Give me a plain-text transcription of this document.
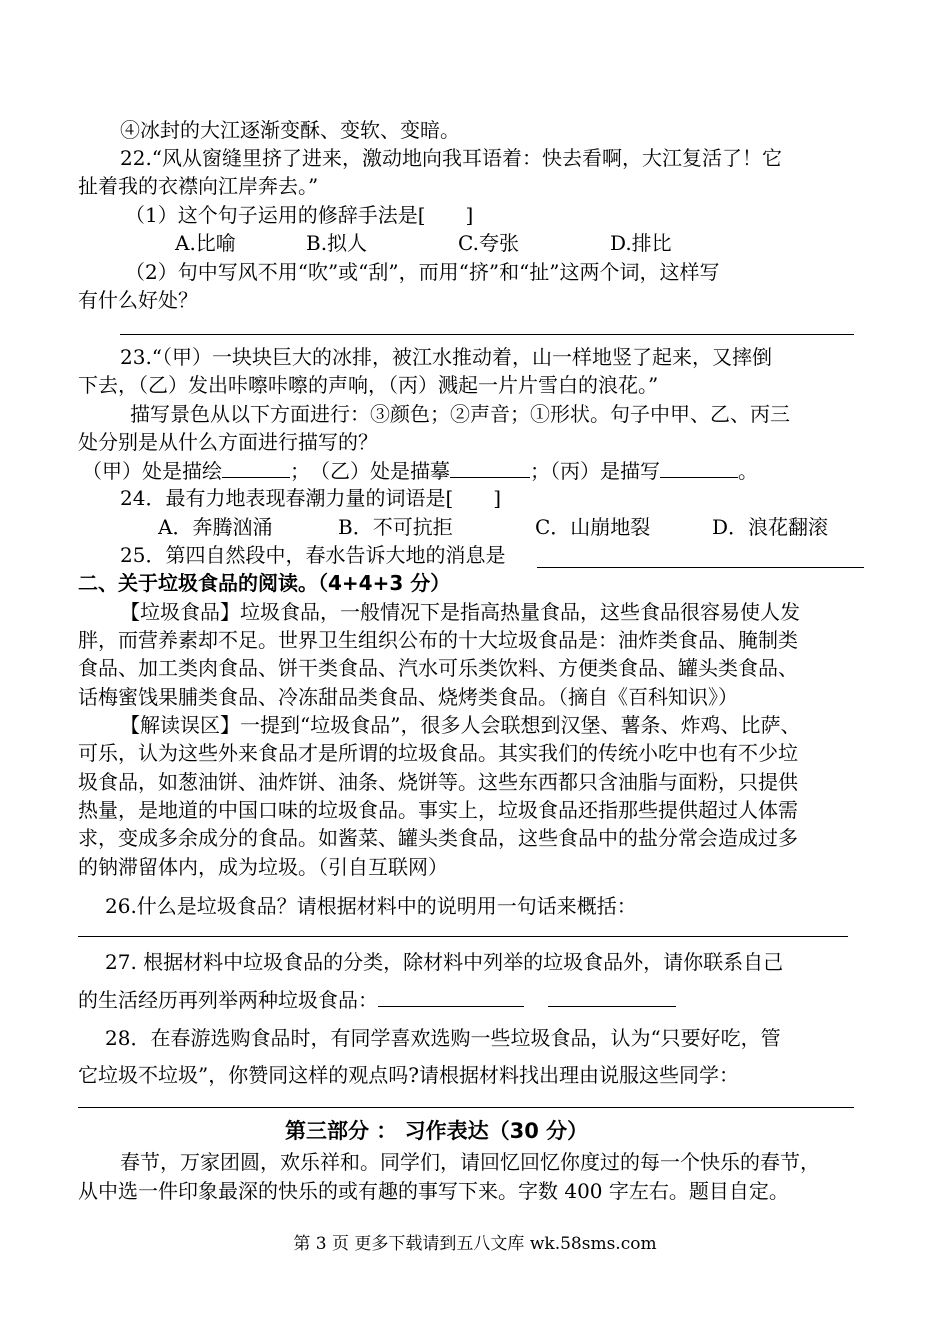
④冰封的大江逐渐变酥、变软、变暗。
22.“风从窗缝里挤了进来，激动地向我耳语着：快去看啊，大江复活了！它
扯着我的衣襟向江岸奔去。”
（1）这个句子运用的修辞手法是[　　]
A.比喻	B.拟人	C.夸张	D.排比
（2）句中写风不用“吹”或“刮”，而用“挤”和“扯”这两个词，这样写
有什么好处？
23.“（甲）一块块巨大的冰排，被江水推动着，山一样地竖了起来，又摔倒
下去，（乙）发出咔嚓咔嚓的声响，（丙）溅起一片片雪白的浪花。”
描写景色从以下方面进行：③颜色；②声音；①形状。句子中甲、乙、丙三
处分别是从什么方面进行描写的？
（甲）处是描绘	；　（乙）处是描摹	；（丙）是描写	。
24．最有力地表现春潮力量的词语是[　　]
A．奔腾汹涌	B．不可抗拒	C．山崩地裂	D．浪花翻滚
25．第四自然段中，春水告诉大地的消息是
二、关于垃圾食品的阅读。（4+4+3 分）
【垃圾食品】垃圾食品，一般情况下是指高热量食品，这些食品很容易使人发
胖，而营养素却不足。世界卫生组织公布的十大垃圾食品是：油炸类食品、腌制类
食品、加工类肉食品、饼干类食品、汽水可乐类饮料、方便类食品、罐头类食品、
话梅蜜饯果脯类食品、冷冻甜品类食品、烧烤类食品。（摘自《百科知识》）
【解读误区】一提到“垃圾食品”，很多人会联想到汉堡、薯条、炸鸡、比萨、
可乐，认为这些外来食品才是所谓的垃圾食品。其实我们的传统小吃中也有不少垃
圾食品，如葱油饼、油炸饼、油条、烧饼等。这些东西都只含油脂与面粉，只提供
热量，是地道的中国口味的垃圾食品。事实上，垃圾食品还指那些提供超过人体需
求，变成多余成分的食品。如酱菜、罐头类食品，这些食品中的盐分常会造成过多
的钠滞留体内，成为垃圾。（引自互联网）
26.什么是垃圾食品？请根据材料中的说明用一句话来概括：
27. 根据材料中垃圾食品的分类，除材料中列举的垃圾食品外，请你联系自己
的生活经历再列举两种垃圾食品：
28．在春游选购食品时，有同学喜欢选购一些垃圾食品，认为“只要好吃，管
它垃圾不垃圾”，你赞同这样的观点吗?请根据材料找出理由说服这些同学：
第三部分 ： 习作表达（30 分）
春节，万家团圆，欢乐祥和。同学们，请回忆回忆你度过的每一个快乐的春节，
从中选一件印象最深的快乐的或有趣的事写下来。字数 400 字左右。题目自定。
第 3 页 更多下载请到五八文库 wk.58sms.com
